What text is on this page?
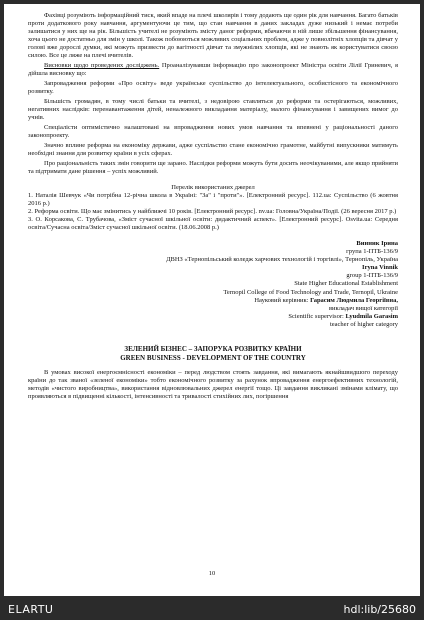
Фахівці розуміють інформаційний тиск, який впаде на плечі школярів і тому додають ще один рік для навчання. Багато батьків проти додаткового року навчання, аргументуючи це тим, що стан навчання в даних закладах дуже низький і немає потреби залишатися у них ще на рік. Більшість учителі не розуміють змісту даног реформи, вбачаючи в ній лише збільшення фінансування, хоча цього не достатньо для змін у школі. Також побоюються можливих соціальних проблем, адже у повнолітніх хлопців та дівчат у голові вже дорослі думки, які можуть призвести до вагітності дівчат та змужнілих хлопців, які не знають як користуватися своєю силою. Все це ляже на плечі вчителів.

Висновки щодо проведених досліджень. Проаналізувавши інформацію про законопроект Міністра освіти Лілії Гриневич, я дійшла висновку що:

Запровадження реформи «Про освіту» веде українське суспільство до інтелектуального, особистісного та економічного розвитку.

Більшість громадян, в тому числі батьки та вчителі, з недовірою ставляться до реформи та остерігаються, можливих, негативних наслідків: перенавантаження дітей, неналежного викладання матеріалу, малого фінансування і завищених вимог до учнів.

Спеціалісти оптимістично налаштовані на впровадження нових умов навчання та впевнені у раціональності даного законопроекту.

Значно вплине реформа на економіку держави, адже суспільство стане економічно грамотне, майбутні випускники матимуть необхідні знання для розвитку країни в усіх сферах.

Про раціональність таких змін говорити ще зарано. Наслідки реформи можуть бути досить неочікуваними, але якщо прийняти та підтримати дане рішення – успіх можливий.

Перелік використаних джерел

1. Наталія Шевчук «Чи потрібна 12-річна школа в Україні: "За" і "проти"». [Електронний ресурс]. 112.ua: Суспільство (6 жовтня 2016 р.)

2. Реформа освіти. Що має змінитись у найближчі 10 років. [Електронний ресурс]. nv.ua: Головна/Україна/Події. (26 вересня 2017 р.)

3. О. Корсакова, С. Трубачова, «Зміст сучасної шкільної освіти: дидактичний аспект». [Електронний ресурс]. Osvita.ua: Середня освіта/Сучасна освіта/Зміст сучасної шкільної освіти. (18.06.2008 р.)

Винник Ірина
група 1-ПТБ-136/9
ДВНЗ «Тернопільський коледж харчових технологій і торгівлі», Тернопіль, Україна
Iryna Vinnik
group 1-ПТБ-136/9
State Higher Educational Establishment
Ternopil College of Food Technology and Trade, Ternopil, Ukraine
Науковий керівник: Гарасим Людмила Георгіївна,
викладач вищої категорії
Scientific supervisor: Lyudmila Garasim
teacher of higher category
ЗЕЛЕНИЙ БІЗНЕС – ЗАПОРУКА РОЗВИТКУ КРАЇНИ
GREEN BUSINESS - DEVELOPMENT OF THE COUNTRY

В умовах високої енергоємнісності економіки – перед людством стоять завдання, які вимагають якнайшвидшого переходу країни до так званої «зеленої економіки» тобто економічного розвитку за рахунок впровадження енергоефективних технологій, методів «чистого виробництва», використання відновлювальних джерел енергії тощо. Ці завдання викликані змінами клімату, що проявляються в підвищенні кількості, інтенсивності та тривалості стихійних лих, погіршення

10
ELARTU	hdl:lib/25680
